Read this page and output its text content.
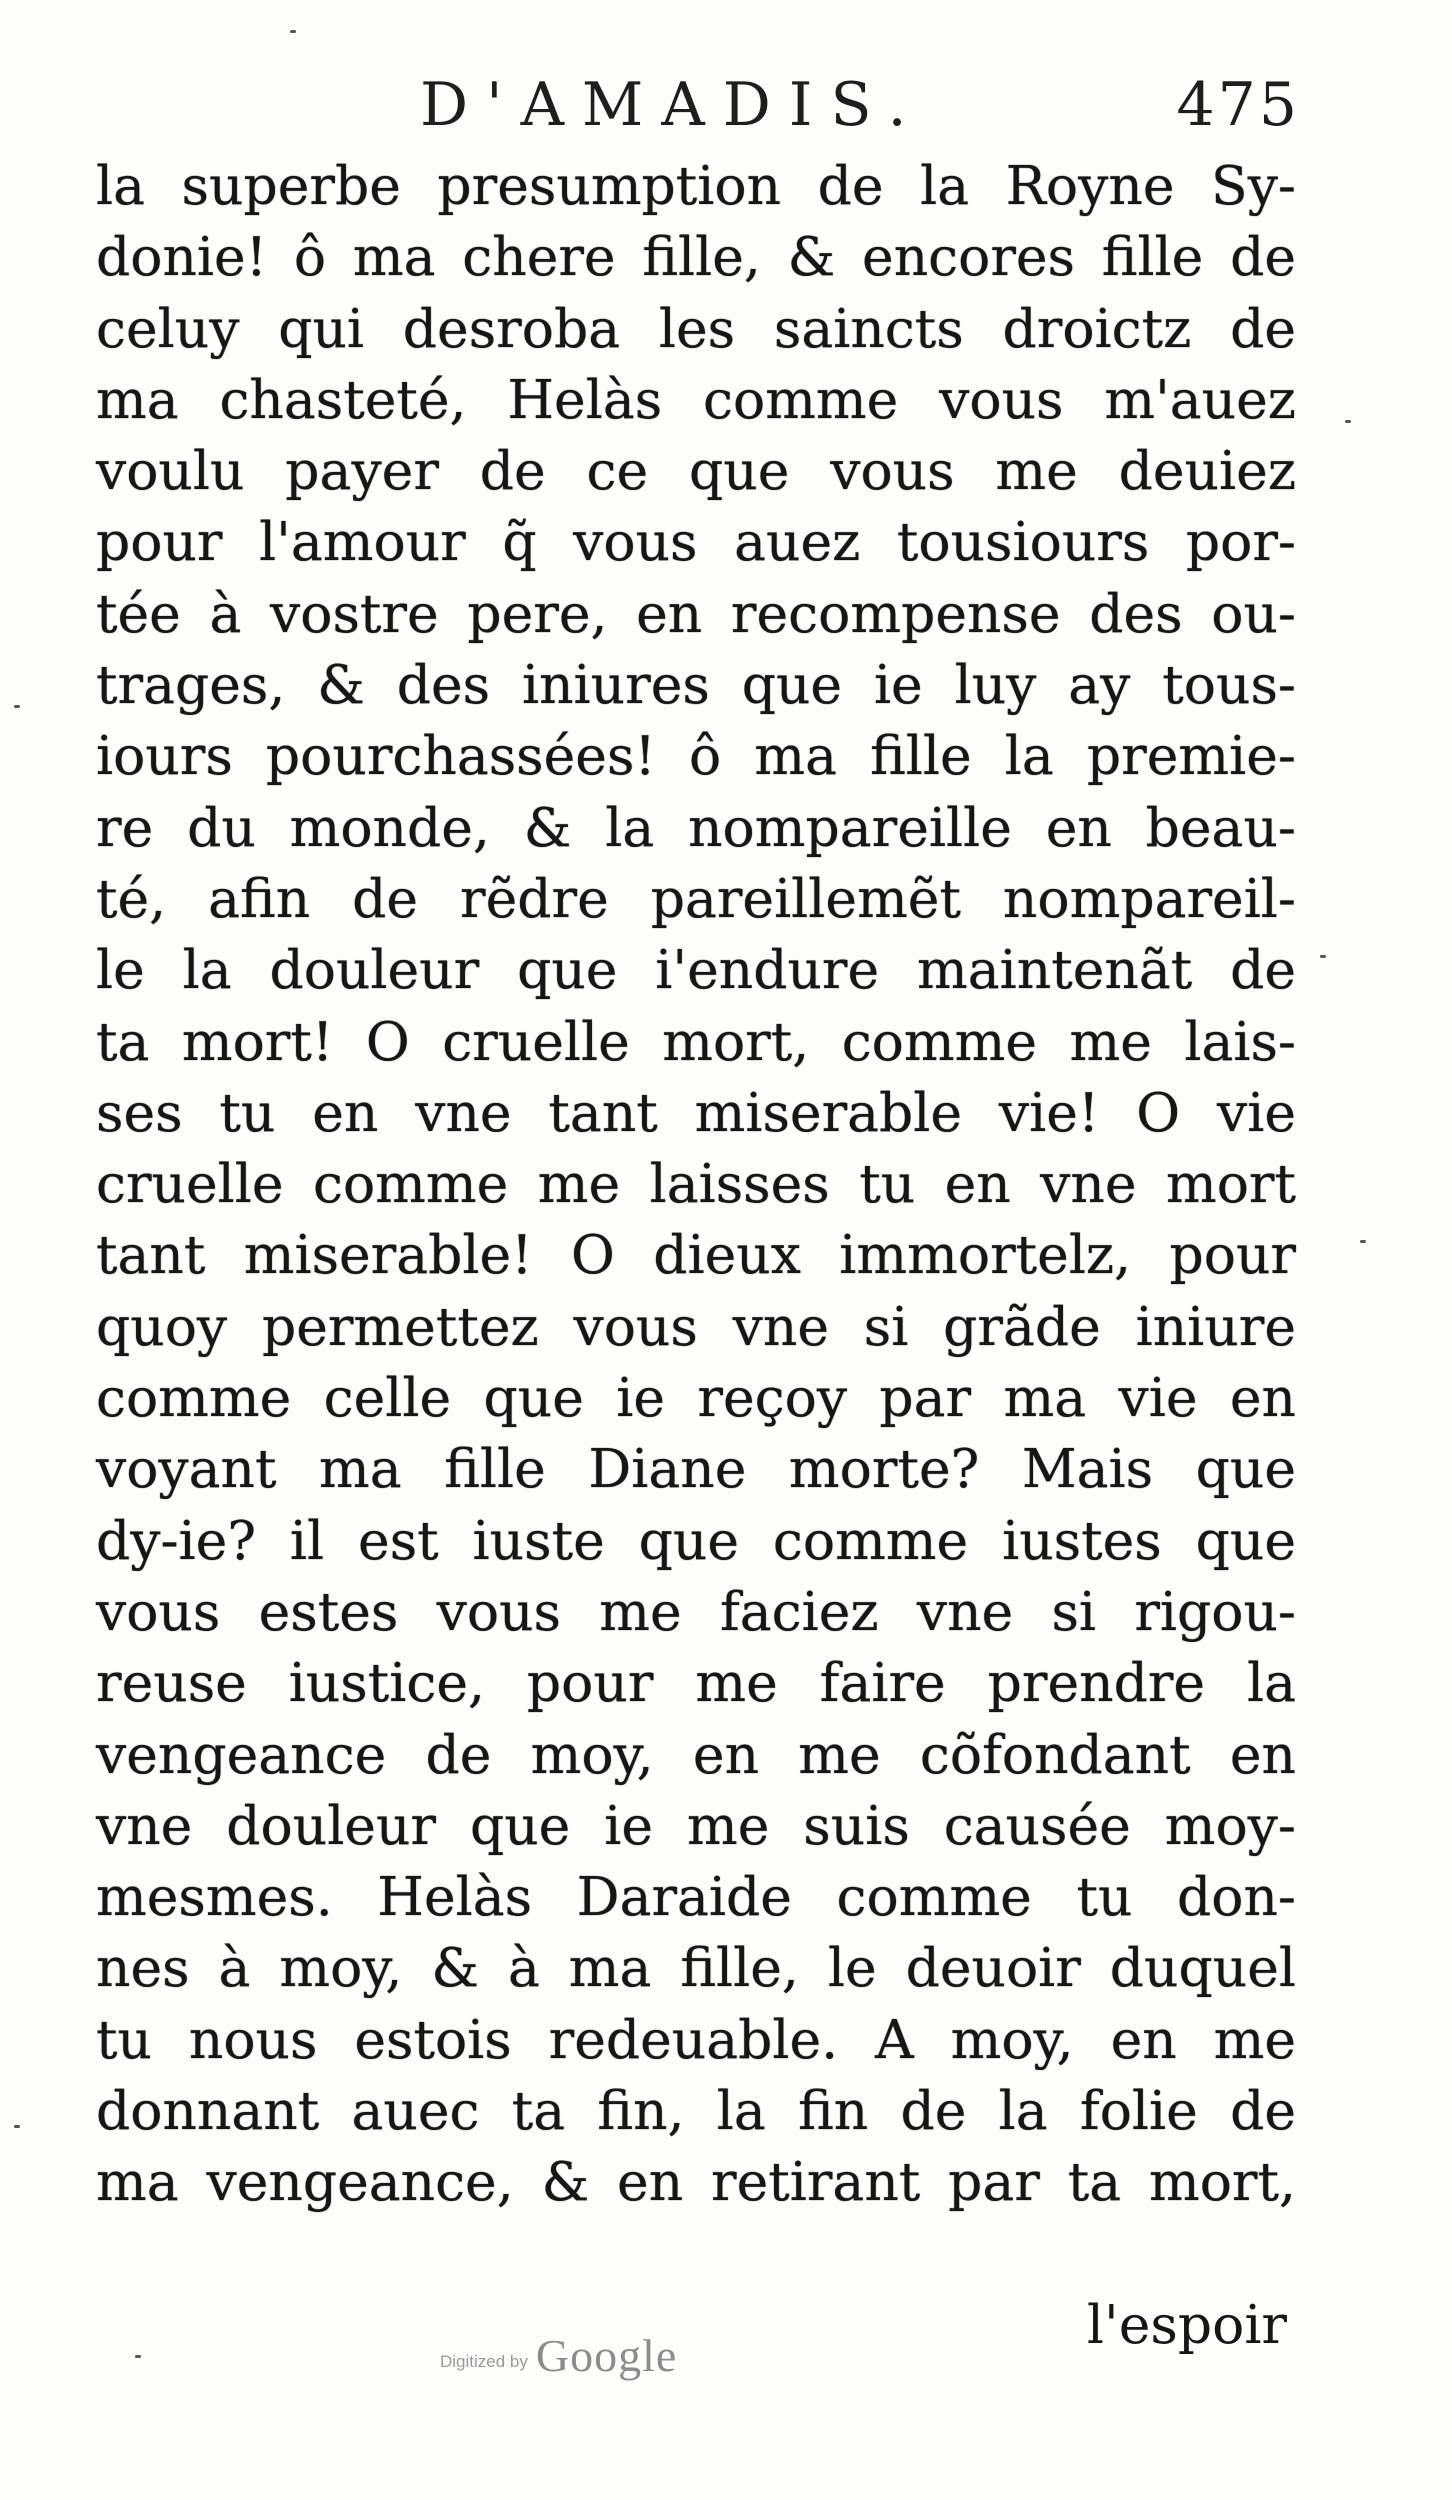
D'AMADIS.	475
la superbe presumption de la Royne Sy-
donie! ô ma chere fille, & encores fille de
celuy qui desroba les saincts droictz de
ma chasteté, Helàs comme vous m'auez
voulu payer de ce que vous me deuiez
pour l'amour q̃ vous auez tousiours por-
tée à vostre pere, en recompense des ou-
trages, & des iniures que ie luy ay tous-
iours pourchassées! ô ma fille la premie-
re du monde, & la nompareille en beau-
té, afin de rẽdre pareillemẽt nompareil-
le la douleur que i'endure maintenãt de
ta mort! O cruelle mort, comme me lais-
ses tu en vne tant miserable vie! O vie
cruelle comme me laisses tu en vne mort
tant miserable! O dieux immortelz, pour
quoy permettez vous vne si grãde iniure
comme celle que ie reçoy par ma vie en
voyant ma fille Diane morte? Mais que
dy-ie? il est iuste que comme iustes que
vous estes vous me faciez vne si rigou-
reuse iustice, pour me faire prendre la
vengeance de moy, en me cõfondant en
vne douleur que ie me suis causée moy-
mesmes. Helàs Daraide comme tu don-
nes à moy, & à ma fille, le deuoir duquel
tu nous estois redeuable. A moy, en me
donnant auec ta fin, la fin de la folie de
ma vengeance, & en retirant par ta mort,
l'espoir
Digitized by Google
